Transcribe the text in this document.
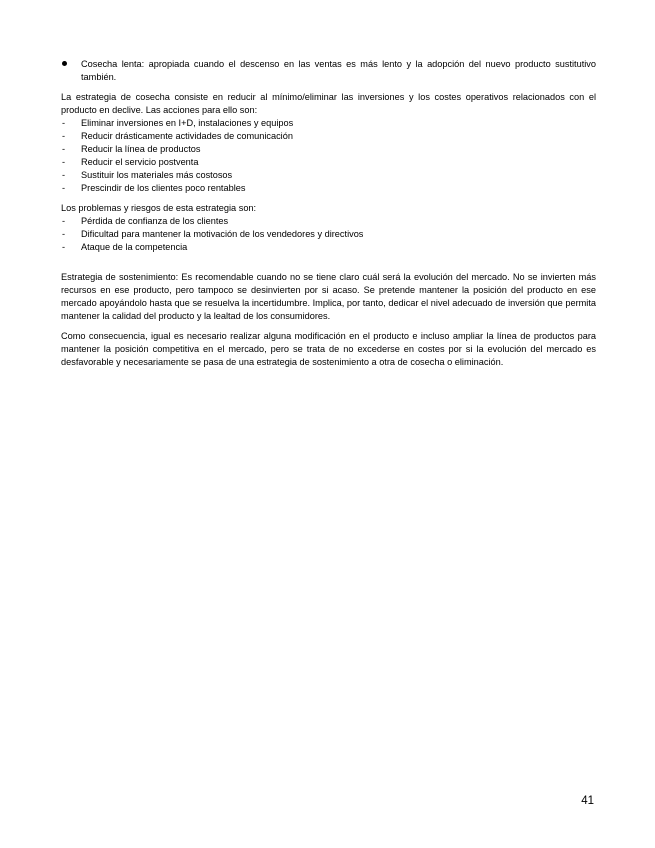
Cosecha lenta: apropiada cuando el descenso en las ventas es más lento y la adopción del nuevo producto sustitutivo también.

La estrategia de cosecha consiste en reducir al mínimo/eliminar las inversiones y los costes operativos relacionados con el producto en declive. Las acciones para ello son:

- Eliminar inversiones en I+D, instalaciones y equipos
- Reducir drásticamente actividades de comunicación
- Reducir la línea de productos
- Reducir el servicio postventa
- Sustituir los materiales más costosos
- Prescindir de los clientes poco rentables

Los problemas y riesgos de esta estrategia son:

- Pérdida de confianza de los clientes
- Dificultad para mantener la motivación de los vendedores y directivos
- Ataque de la competencia

Estrategia de sostenimiento: Es recomendable cuando no se tiene claro cuál será la evolución del mercado. No se invierten más recursos en ese producto, pero tampoco se desinvierten por si acaso. Se pretende mantener la posición del producto en ese mercado apoyándolo hasta que se resuelva la incertidumbre. Implica, por tanto, dedicar el nivel adecuado de inversión que permita mantener la calidad del producto y la lealtad de los consumidores.

Como consecuencia, igual es necesario realizar alguna modificación en el producto e incluso ampliar la línea de productos para mantener la posición competitiva en el mercado, pero se trata de no excederse en costes por si la evolución del mercado es desfavorable y necesariamente se pasa de una estrategia de sostenimiento a otra de cosecha o eliminación.

41
